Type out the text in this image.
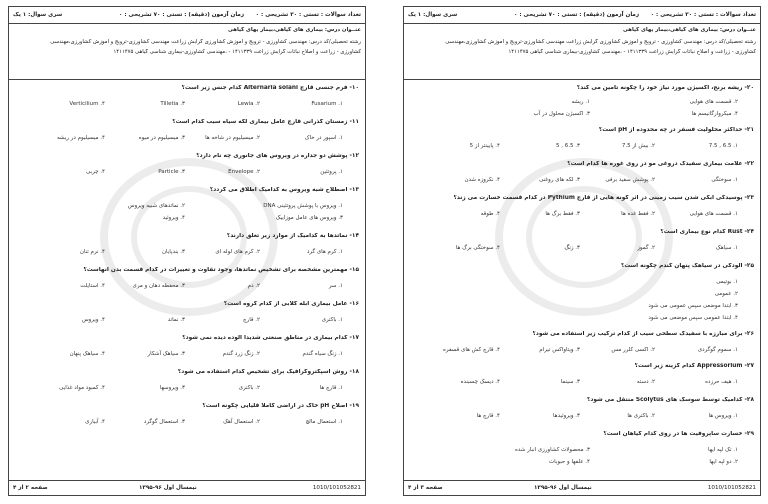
سری سوال: ۱ یک	زمان آزمون (دقیقه) : تستی : ۷۰ تشریحی : ۰ تعداد سوالات : تستی : ۳۰ تشریحی : ۰
عنــوان درس: بیماری های گیاهی،بیمار یهای گیاهی
رشته تحصیلی/کد درس: مهندسی کشاورزی - ترویج و آموزش کشاورزی گرایش زراعت مهندسی کشاورزی-ترویج و آموزش کشاورزی،مهندسی
کشاورزی - زراعت و اصلاح نباتات گرایش زراعت ۱۴۱۱۳۳۹ - ،مهندسی کشاورزی-بیماری شناسی گیاهی ۱۴۱۱۴۷۵
۱۰- فرم جنسی قارچ Alternaria solani کدام جنس زیر است؟
۱. Fusarium
۲. Lewia
۳. Tilletia
۴. Verticilium
۱۱- زمستان گذرانی قارچ عامل بیماری لکه سیاه سیب کدام است؟
۱. اسپور در خاک
۲. میسیلیوم در شاخه ها
۳. میسیلیوم در میوه
۴. میسیلیوم در ریشه
۱۲- پوشش دو جداره در ویروس های جانوری چه نام دارد؟
۱. پروتئین
۲. Envelope
۳. Particle
۴. چربی
۱۳- اصطلاح شبه ویروس به کدامیک اطلاق می گردد؟
۱. ویروس با پوشش پروتئینی DNA
۲. نماتدهای شبیه ویروس
۳. ویروس های عامل موزاییک
۴. ویروئید
۱۴- نماتدها به کدامیک از موارد زیر تعلق دارند؟
۱. کرم های گرد
۲. کرم های لوله ای
۳. بندپایان
۴. نرم تنان
۱۵- مهمترین مشخصه برای تشخیص نماتدها، وجود تفاوت و تغییرات در کدام قسمت بدن آنهاست؟
۱. سر
۲. دم
۳. محفظه دهان و مری
۴. استایلت
۱۶- عامل بیماری آبله گلابی از کدام گروه است؟
۱. باکتری
۲. قارچ
۳. نماتد
۴. ویروس
۱۷- کدام بیماری در مناطق صنعتی شدیداً آلوده دیده نمی شود؟
۱. زنگ سیاه گندم
۲. زنگ زرد گندم
۳. سیاهک آشکار
۴. سیاهک پنهان
۱۸- روش اسپکتروگرافیک برای تشخیص کدام استفاده می شود؟
۱. قارچ ها
۲. باکتری
۳. ویروسها
۴. کمبود مواد غذایی
۱۹- اصلاح pH خاک در اراضی کاملاً قلیایی چگونه است؟
۱. استعمال مالچ
۲. استعمال آهک
۳. استعمال گوگرد
۴. آبیاری
صفحه ۲ از ۴	نیمسال اول ۹۶-۱۳۹۵	1010/101052821
سری سوال: ۱ یک	زمان آزمون (دقیقه) : تستی : ۷۰ تشریحی : ۰ تعداد سوالات : تستی : ۳۰ تشریحی : ۰
عنــوان درس: بیماری های گیاهی،بیمار یهای گیاهی
رشته تحصیلی/کد درس: مهندسی کشاورزی - ترویج و آموزش کشاورزی گرایش زراعت مهندسی کشاورزی-ترویج و آموزش کشاورزی،مهندسی
کشاورزی - زراعت و اصلاح نباتات گرایش زراعت ۱۴۱۱۳۳۹ - ،مهندسی کشاورزی-بیماری شناسی گیاهی ۱۴۱۱۴۷۵
۲۰- ریشه برنج، اکسیژن مورد نیاز خود را چگونه تامین می کند؟
۱. ریشه	۲. قسمت های هوایی
۳. اکسیژن محلول در آب	۴. میکروارگانیسم ها
۲۱- حداکثر محلولیت فسفر در چه محدوده از pH است؟
۱. 6.5 , 7.5
۲. بیش از 7.5
۳. 6.5 , 5
۴. پایینتر از 5
۲۲- علامت بیماری سفیدک دروغی مو در روی غوره ها کدام است؟
۱. سوختگی
۲. پوشش سفید برفی
۳. لکه های روغنی
۴. نکروزه شدن
۲۳- پوسیدگی آبکی شدن سیب زمینی در اثر گونه هایی از قارچ Pythium در کدام قسمت خسارت می زند؟
۱. قسمت های هوایی
۲. فقط غده ها
۳. فقط برگ ها
۴. طوقه
۲۴- Rust کدام نوع بیماری است؟
۱. سیاهک
۲. گموز
۳. زنگ
۴. سوختگی برگ ها
۲۵- آلودگی در سیاهک پنهان گندم چگونه است؟
۱. بوتیمی
۲. عمومی
۳. ابتدا موضعی سپس عمومی می شود
۴. ابتدا عمومی سپس موضعی می شود
۲۶- برای مبارزه با سفیدک سطحی سیب از کدام ترکیب زیر استفاده می شود؟
۱. سموم گوگردی
۲. اکسی کلرر مس
۳. ویتاواکس تیرام
۴. قارچ کش های قسفره
۲۷- Appressorium کدام گزینه زیر است؟
۱. هیف حرزده
۲. دسته
۳. سینما
۴. دیسک چسبنده
۲۸- کدامیک توسط سوسک های Scolytus منتقل می شود؟
۱. ویروس ها
۲. باکتری ها
۳. ویروئیدها
۴. قارچ ها
۲۹- خسارت ساپروفیت ها در روی کدام گیاهان است؟
۱. تک لپه ایها
۲. دو لپه ایها
۳. محصولات کشاورزی انبار شده
۴. علفها و حبوبات
صفحه ۳ از ۴	نیمسال اول ۹۶-۱۳۹۵	1010/101052821
